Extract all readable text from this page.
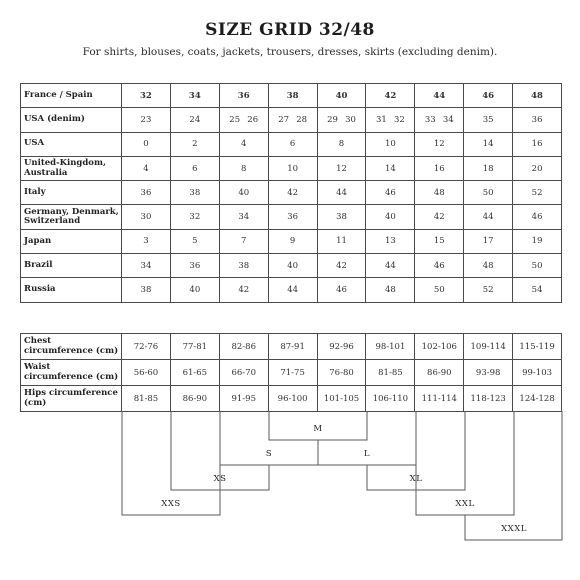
SIZE GRID 32/48
For shirts, blouses, coats, jackets, trousers, dresses, skirts (excluding denim).
France / Spain	32	34	36	38	40	42	44	46	48
USA (denim)	23	24	25 26	27 28	29 30	31 32	33 34	35	36
USA	0	2	4	6	8	10	12	14	16
United-Kingdom, Australia	4	6	8	10	12	14	16	18	20
Italy	36	38	40	42	44	46	48	50	52
Germany, Denmark, Switzerland	30	32	34	36	38	40	42	44	46
Japan	3	5	7	9	11	13	15	17	19
Brazil	34	36	38	40	42	44	46	48	50
Russia	38	40	42	44	46	48	50	52	54
Chest circumference (cm)	72-76	77-81	82-86	87-91	92-96	98-101	102-106	109-114	115-119
Waist circumference (cm)	56-60	61-65	66-70	71-75	76-80	81-85	86-90	93-98	99-103
Hips circumference (cm)	81-85	86-90	91-95	96-100	101-105	106-110	111-114	118-123	124-128
M
S	L
XS	XL
XXS	XXL
XXXL
